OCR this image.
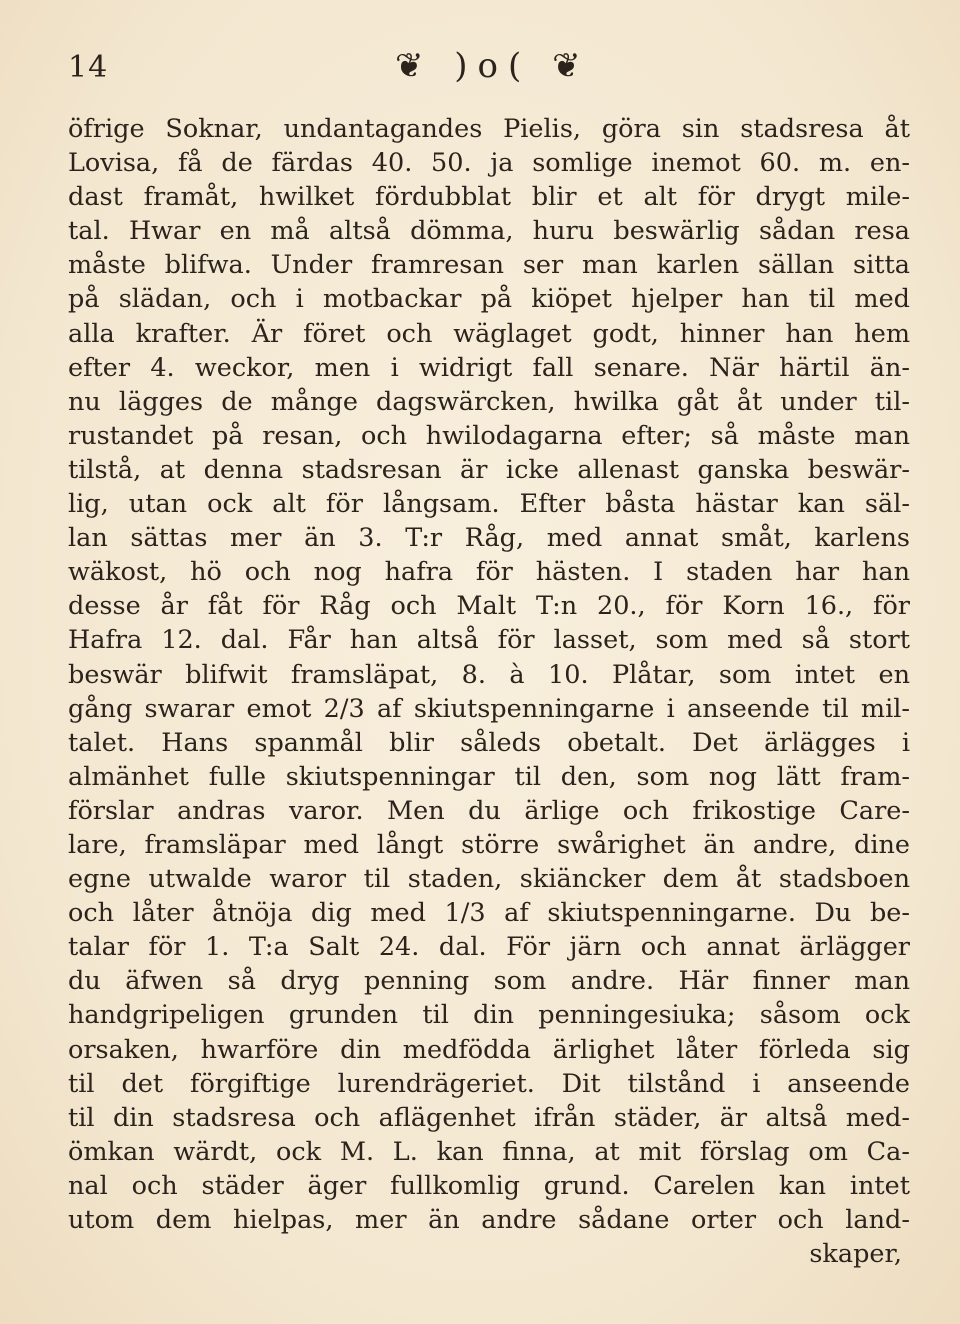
14	❦ )o( ❦
öfrige Soknar, undantagandes Pielis, göra sin stadsresa åt
Lovisa, få de färdas 40. 50. ja somlige inemot 60. m. en-
dast framåt, hwilket fördubblat blir et alt för drygt mile-
tal. Hwar en må altså dömma, huru beswärlig sådan resa
måste blifwa. Under framresan ser man karlen sällan sitta
på slädan, och i motbackar på kiöpet hjelper han til med
alla krafter. Är föret och wäglaget godt, hinner han hem
efter 4. weckor, men i widrigt fall senare. När härtil än-
nu lägges de månge dagswärcken, hwilka gåt åt under til-
rustandet på resan, och hwilodagarna efter; så måste man
tilstå, at denna stadsresan är icke allenast ganska beswär-
lig, utan ock alt för långsam. Efter båsta hästar kan säl-
lan sättas mer än 3. T:r Råg, med annat småt, karlens
wäkost, hö och nog hafra för hästen. I staden har han
desse år fåt för Råg och Malt T:n 20., för Korn 16., för
Hafra 12. dal. Får han altså för lasset, som med så stort
beswär blifwit framsläpat, 8. à 10. Plåtar, som intet en
gång swarar emot 2/3 af skiutspenningarne i anseende til mil-
talet. Hans spanmål blir såleds obetalt. Det ärlägges i
almänhet fulle skiutspenningar til den, som nog lätt fram-
förslar andras varor. Men du ärlige och frikostige Care-
lare, framsläpar med långt större swårighet än andre, dine
egne utwalde waror til staden, skiäncker dem åt stadsboen
och låter åtnöja dig med 1/3 af skiutspenningarne. Du be-
talar för 1. T:a Salt 24. dal. För järn och annat ärlägger
du äfwen så dryg penning som andre. Här finner man
handgripeligen grunden til din penningesiuka; såsom ock
orsaken, hwarföre din medfödda ärlighet låter förleda sig
til det förgiftige lurendrägeriet. Dit tilstånd i anseende
til din stadsresa och aflägenhet ifrån städer, är altså med-
ömkan wärdt, ock M. L. kan finna, at mit förslag om Ca-
nal och städer äger fullkomlig grund. Carelen kan intet
utom dem hielpas, mer än andre sådane orter och land-
skaper,
